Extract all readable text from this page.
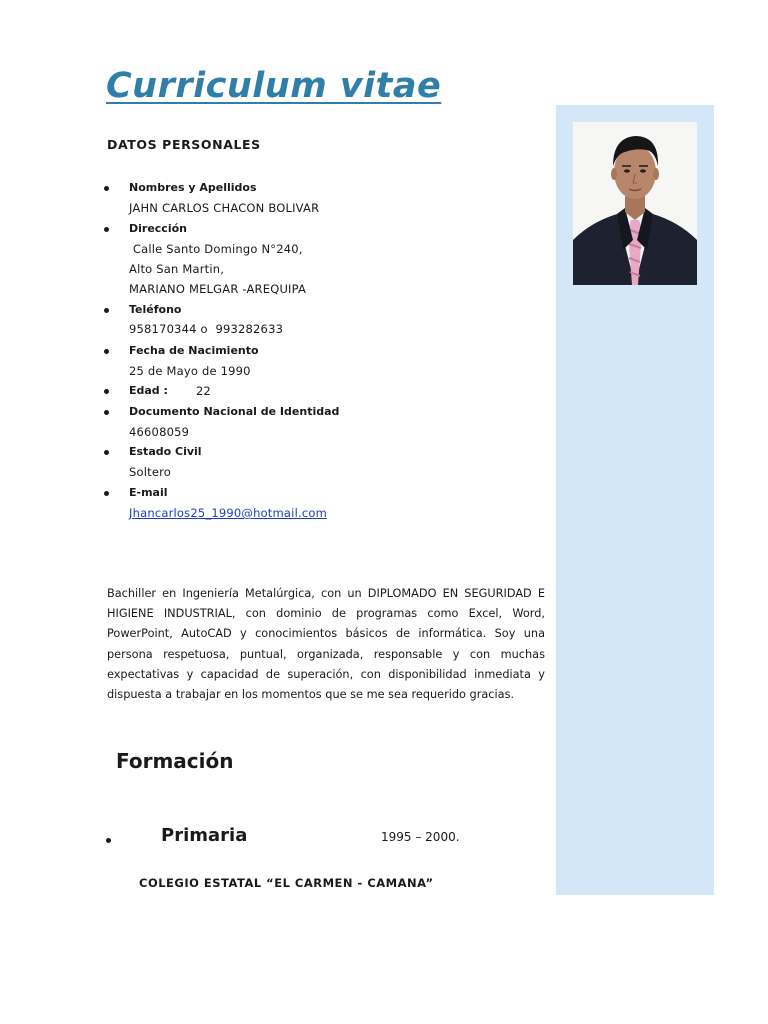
Curriculum vitae
DATOS PERSONALES
Nombres y Apellidos
JAHN CARLOS CHACON BOLIVAR
Dirección
Calle Santo Domingo N°240,
Alto San Martin,
MARIANO MELGAR -AREQUIPA
Teléfono
958170344 o  993282633
Fecha de Nacimiento
25 de Mayo de 1990
Edad : 22
Documento Nacional de Identidad
46608059
Estado Civil
Soltero
E-mail
Jhancarlos25_1990@hotmail.com
Bachiller en Ingeniería Metalúrgica, con un DIPLOMADO EN SEGURIDAD E HIGIENE INDUSTRIAL, con dominio de programas como Excel, Word, PowerPoint, AutoCAD y conocimientos básicos de informática. Soy una persona respetuosa, puntual, organizada, responsable y con muchas expectativas y capacidad de superación, con disponibilidad inmediata y dispuesta a trabajar en los momentos que se me sea requerido gracias.
Formación
Primaria	1995 – 2000.
COLEGIO ESTATAL “EL CARMEN - CAMANA”
